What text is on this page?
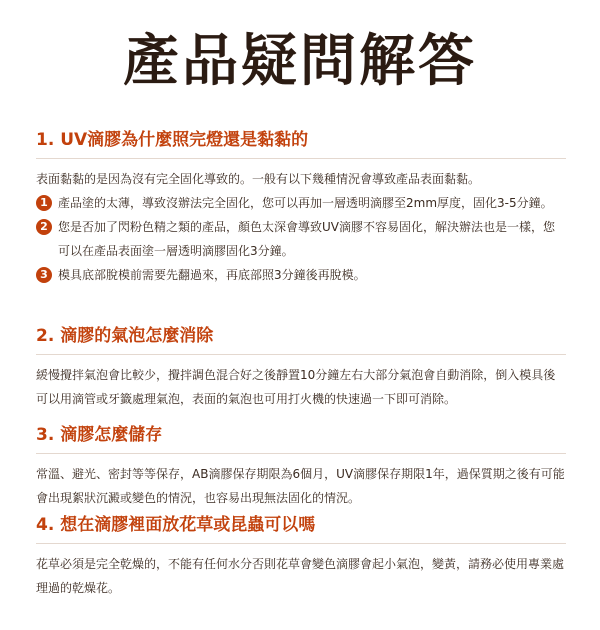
產品疑問解答
1. UV滴膠為什麼照完燈還是黏黏的

表面黏黏的是因為沒有完全固化導致的。一般有以下幾種情況會導致產品表面黏黏。

1 產品塗的太薄，導致沒辦法完全固化，您可以再加一層透明滴膠至2mm厚度，固化3-5分鐘。
2 您是否加了閃粉色精之類的產品，顏色太深會導致UV滴膠不容易固化，解決辦法也是一樣，您可以在產品表面塗一層透明滴膠固化3分鐘。
3 模具底部脫模前需要先翻過來，再底部照3分鐘後再脫模。
2. 滴膠的氣泡怎麼消除

緩慢攪拌氣泡會比較少，攪拌調色混合好之後靜置10分鐘左右大部分氣泡會自動消除，倒入模具後可以用滴管或牙籤處理氣泡，表面的氣泡也可用打火機的快速過一下即可消除。

3. 滴膠怎麼儲存

常溫、避光、密封等等保存，AB滴膠保存期限為6個月，UV滴膠保存期限1年，過保質期之後有可能會出現絮狀沉澱或變色的情況，也容易出現無法固化的情況。

4. 想在滴膠裡面放花草或昆蟲可以嗎

花草必須是完全乾燥的，不能有任何水分否則花草會變色滴膠會起小氣泡，變黃，請務必使用專業處理過的乾燥花。
